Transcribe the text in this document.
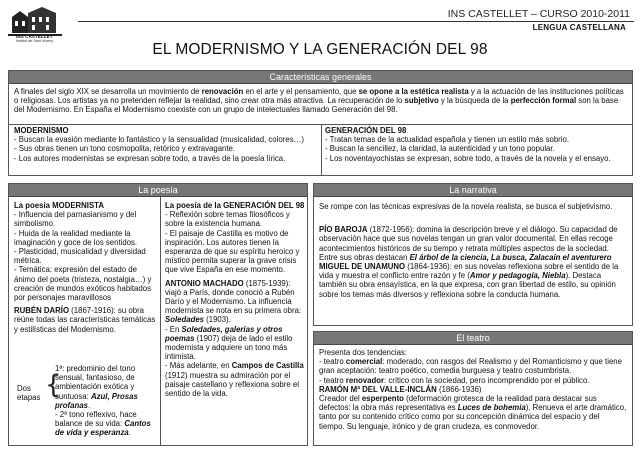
INS CASTELLET
Institut de Sant Vicenç
INS CASTELLET – CURSO 2010-2011
LENGUA CASTELLANA
EL MODERNISMO Y LA GENERACIÓN DEL 98
Características generales
A finales del siglo XIX se desarrolla un movimiento de renovación en el arte y el pensamiento, que se opone a la estética realista y a la actuación de las instituciones políticas o religiosas. Los artistas ya no pretenden reflejar la realidad, sino crear otra más atractiva. La recuperación de lo subjetivo y la búsqueda de la perfección formal son la base del Modernismo. En España el Modernismo coexiste con un grupo de intelectuales llamado Generación del 98.
MODERNISMO
- Buscan la evasión mediante lo fantástico y la sensualidad (musicalidad, colores…)
- Sus obras tienen un tono cosmopolita, retórico y extravagante.
- Los autores modernistas se expresan sobre todo, a través de la poesía lírica.
GENERACIÓN DEL 98
- Tratan temas de la actualidad española y tienen un estilo más sobrio.
- Buscan la sencillez, la claridad, la autenticidad y un tono popular.
- Los noventayochistas se expresan, sobre todo, a través de la novela y el ensayo.
La poesía
La poesía MODERNISTA
- Influencia del parnasianismo y del simbolismo.
- Huida de la realidad mediante la imaginación y goce de los sentidos.
- Plasticidad, musicalidad y diversidad métrica.
- Temática: expresión del estado de ánimo del poeta (tristeza, nostalgia…) y creación de mundos exóticos habitados por personajes maravillosos
RUBÉN DARÍO (1867-1916): su obra reúne todas las características temáticas y estilísticas del Modernismo.
Dos
etapas {
1ª: predominio del tono sensual, fantasioso, de ambientación exótica y suntuosa: Azul, Prosas profanas.
- 2ª tono reflexivo, hace balance de su vida: Cantos de vida y esperanza.
La poesía de la GENERACIÓN DEL 98
- Reflexión sobre temas filosóficos y sobre la existencia humana.
- El paisaje de Castilla es motivo de inspiración. Los autores tienen la esperanza de que su espíritu heroico y místico permita superar la grave crisis que vive España en ese momento.
ANTONIO MACHADO (1875-1939): viajó a París, donde conoció a Rubén Darío y el Modernismo. La influencia modernista se nota en su primera obra: Soledades (1903).
- En Soledades, galerías y otros poemas (1907) deja de lado el estilo modernista y adquiere un tono más intimista.
- Más adelante, en Campos de Castilla (1912) muestra su admiración por el paisaje castellano y reflexiona sobre el sentido de la vida.
La narrativa
Se rompe con las técnicas expresivas de la novela realista, se busca el subjetivismo.
PÍO BAROJA (1872-1956): domina la descripción breve y el diálogo. Su capacidad de observación hace que sus novelas tengan un gran valor documental. En ellas recoge acontecimientos históricos de su tiempo y retrata múltiples aspectos de la sociedad. Entre sus obras destacan El árbol de la ciencia, La busca, Zalacaín el aventurero
MIGUEL DE UNAMUNO (1864-1936): en sus novelas reflexiona sobre el sentido de la vida y muestra el conflicto entre razón y fe (Amor y pedagogía, Niebla). Destaca también su obra ensayística, en la que expresa, con gran libertad de estilo, su opinión sobre los temas más diversos y reflexiona sobre la conducta humana.
El teatro
Presenta dos tendencias:
- teatro comercial: moderado, con rasgos del Realismo y del Romanticismo y que tiene gran aceptación: teatro poético, comedia burguesa y teatro costumbrista.
- teatro renovador: crítico con la sociedad, pero incomprendido por el público.
RAMÓN Mª DEL VALLE-INCLÁN (1866-1936)
Creador del esperpento (deformación grotesca de la realidad para destacar sus defectos: la obra más representativa es Luces de bohemia). Renueva el arte dramático, tanto por su contenido crítico como por su concepción dinámica del espacio y del tiempo. Su lenguaje, irónico y de gran crudeza, es conmovedor.
